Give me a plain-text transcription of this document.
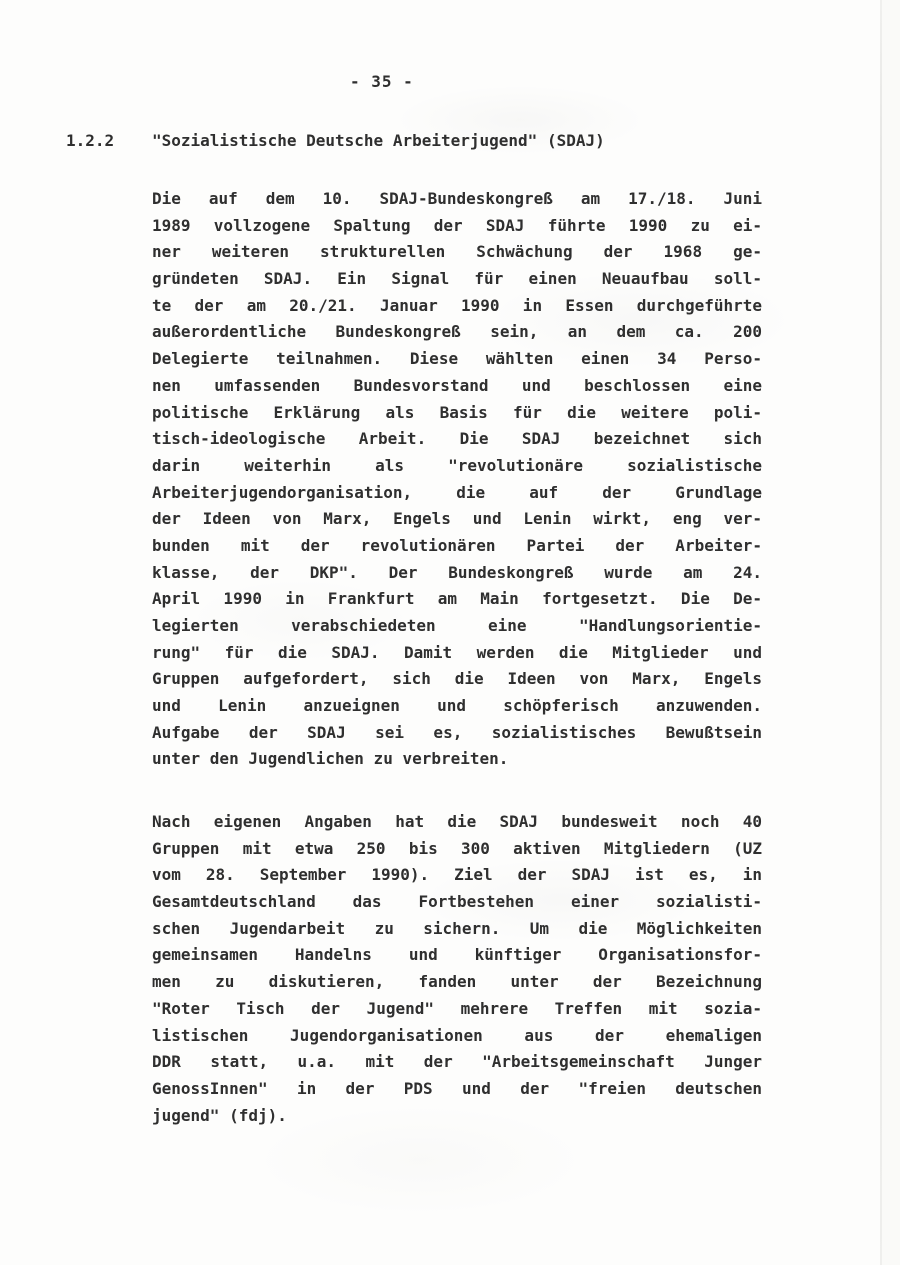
- 35 -
1.2.2 "Sozialistische Deutsche Arbeiterjugend" (SDAJ)
Die auf dem 10. SDAJ-Bundeskongreß am 17./18. Juni
1989 vollzogene Spaltung der SDAJ führte 1990 zu ei-
ner weiteren strukturellen Schwächung der 1968 ge-
gründeten SDAJ. Ein Signal für einen Neuaufbau soll-
te der am 20./21. Januar 1990 in Essen durchgeführte
außerordentliche Bundeskongreß sein, an dem ca. 200
Delegierte teilnahmen. Diese wählten einen 34 Perso-
nen umfassenden Bundesvorstand und beschlossen eine
politische Erklärung als Basis für die weitere poli-
tisch-ideologische Arbeit. Die SDAJ bezeichnet sich
darin weiterhin als "revolutionäre sozialistische
Arbeiterjugendorganisation, die auf der Grundlage
der Ideen von Marx, Engels und Lenin wirkt, eng ver-
bunden mit der revolutionären Partei der Arbeiter-
klasse, der DKP". Der Bundeskongreß wurde am 24.
April 1990 in Frankfurt am Main fortgesetzt. Die De-
legierten verabschiedeten eine "Handlungsorientie-
rung" für die SDAJ. Damit werden die Mitglieder und
Gruppen aufgefordert, sich die Ideen von Marx, Engels
und Lenin anzueignen und schöpferisch anzuwenden.
Aufgabe der SDAJ sei es, sozialistisches Bewußtsein
unter den Jugendlichen zu verbreiten.
Nach eigenen Angaben hat die SDAJ bundesweit noch 40
Gruppen mit etwa 250 bis 300 aktiven Mitgliedern (UZ
vom 28. September 1990). Ziel der SDAJ ist es, in
Gesamtdeutschland das Fortbestehen einer sozialisti-
schen Jugendarbeit zu sichern. Um die Möglichkeiten
gemeinsamen Handelns und künftiger Organisationsfor-
men zu diskutieren, fanden unter der Bezeichnung
"Roter Tisch der Jugend" mehrere Treffen mit sozia-
listischen Jugendorganisationen aus der ehemaligen
DDR statt, u.a. mit der "Arbeitsgemeinschaft Junger
GenossInnen" in der PDS und der "freien deutschen
jugend" (fdj).
